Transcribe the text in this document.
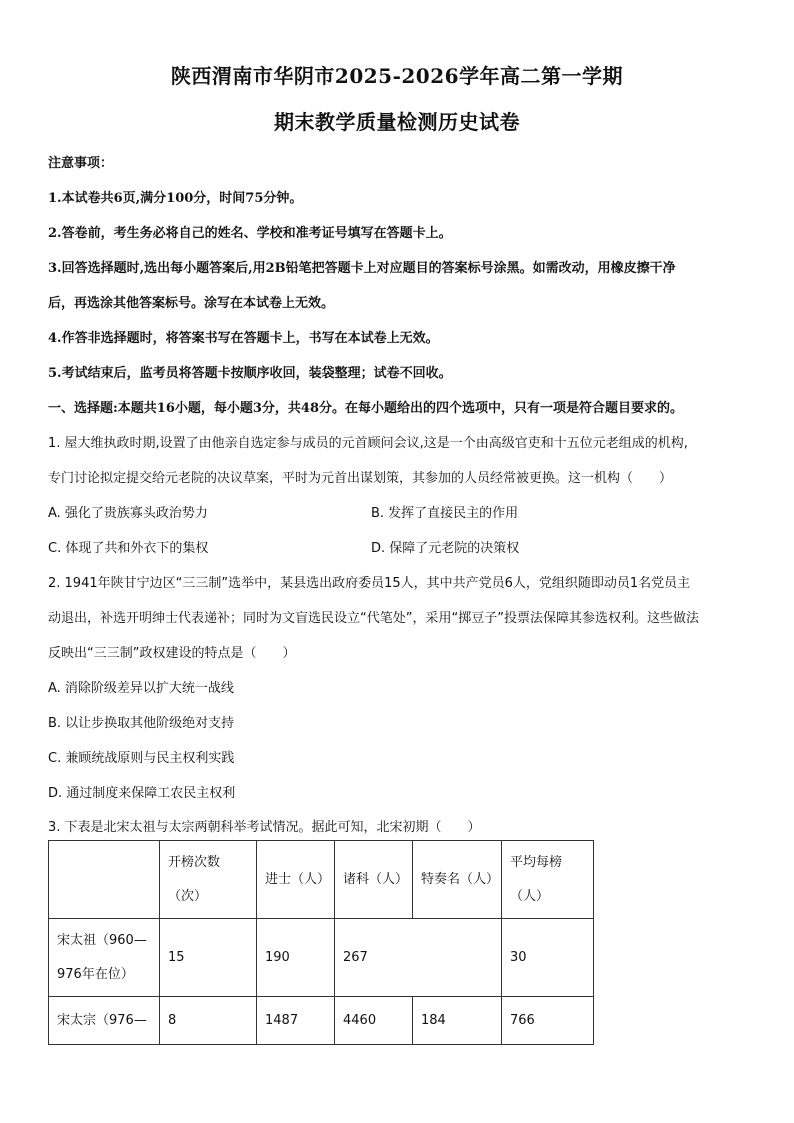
陕西渭南市华阴市2025-2026学年高二第一学期
期末教学质量检测历史试卷
注意事项：
1.本试卷共6页,满分100分，时间75分钟。
2.答卷前，考生务必将自己的姓名、学校和准考证号填写在答题卡上。
3.回答选择题时,选出每小题答案后,用2B铅笔把答题卡上对应题目的答案标号涂黑。如需改动，用橡皮擦干净
后，再选涂其他答案标号。涂写在本试卷上无效。
4.作答非选择题时，将答案书写在答题卡上，书写在本试卷上无效。
5.考试结束后，监考员将答题卡按顺序收回，装袋整理；试卷不回收。
一、选择题:本题共16小题，每小题3分，共48分。在每小题给出的四个选项中，只有一项是符合题目要求的。
1. 屋大维执政时期,设置了由他亲自选定参与成员的元首顾问会议,这是一个由高级官吏和十五位元老组成的机构,
专门讨论拟定提交给元老院的决议草案，平时为元首出谋划策，其参加的人员经常被更换。这一机构（　　）
A. 强化了贵族寡头政治势力	B. 发挥了直接民主的作用
C. 体现了共和外衣下的集权	D. 保障了元老院的决策权
2. 1941年陕甘宁边区“三三制”选举中，某县选出政府委员15人，其中共产党员6人，党组织随即动员1名党员主
动退出，补选开明绅士代表递补；同时为文盲选民设立“代笔处”，采用“掷豆子”投票法保障其参选权利。这些做法
反映出“三三制”政权建设的特点是（　　）
A. 消除阶级差异以扩大统一战线
B. 以让步换取其他阶级绝对支持
C. 兼顾统战原则与民主权利实践
D. 通过制度来保障工农民主权利
3. 下表是北宋太祖与太宗两朝科举考试情况。据此可知，北宋初期（　　）
	开榜次数（次）	进士（人）	诸科（人）	特奏名（人）	平均每榜（人）
宋太祖（960—976年在位）	15	190	267		30
宋太宗（976—	8	1487	4460	184	766
